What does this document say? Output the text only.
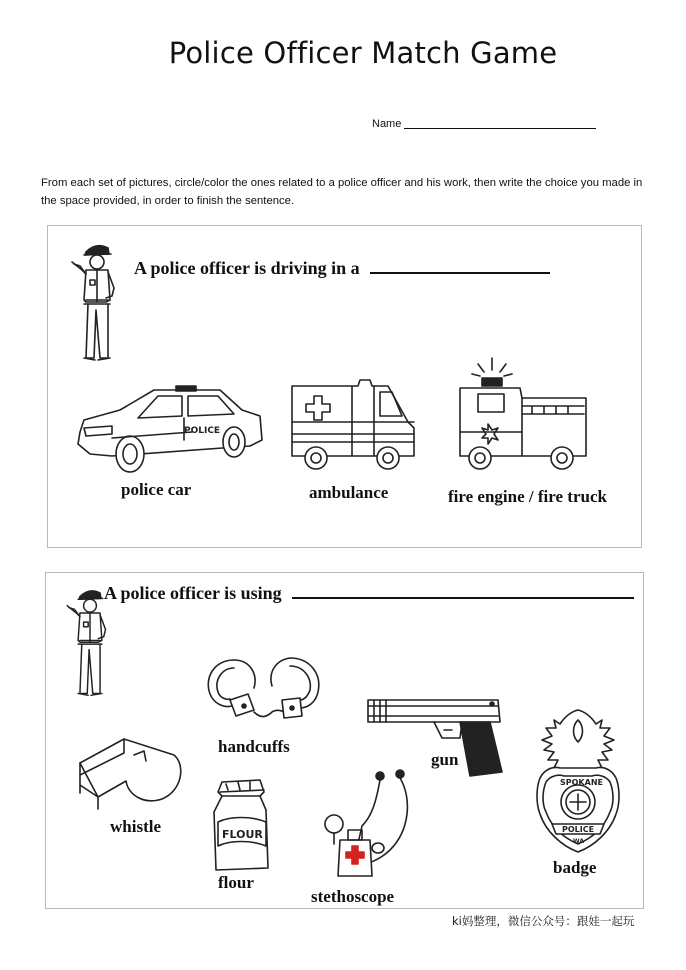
Police Officer Match Game
Name
From each set of pictures, circle/color the ones related to a police officer and his work, then write the choice you made in the space provided, in order to finish the sentence.
A police officer is driving in a
POLICE
police car	ambulance	fire engine / fire truck
A police officer is using
handcuffs
gun
whistle	FLOUR
flour
stethoscope
SPOKANE
POLICE
WA
badge
ki妈整理，微信公众号：跟娃一起玩
